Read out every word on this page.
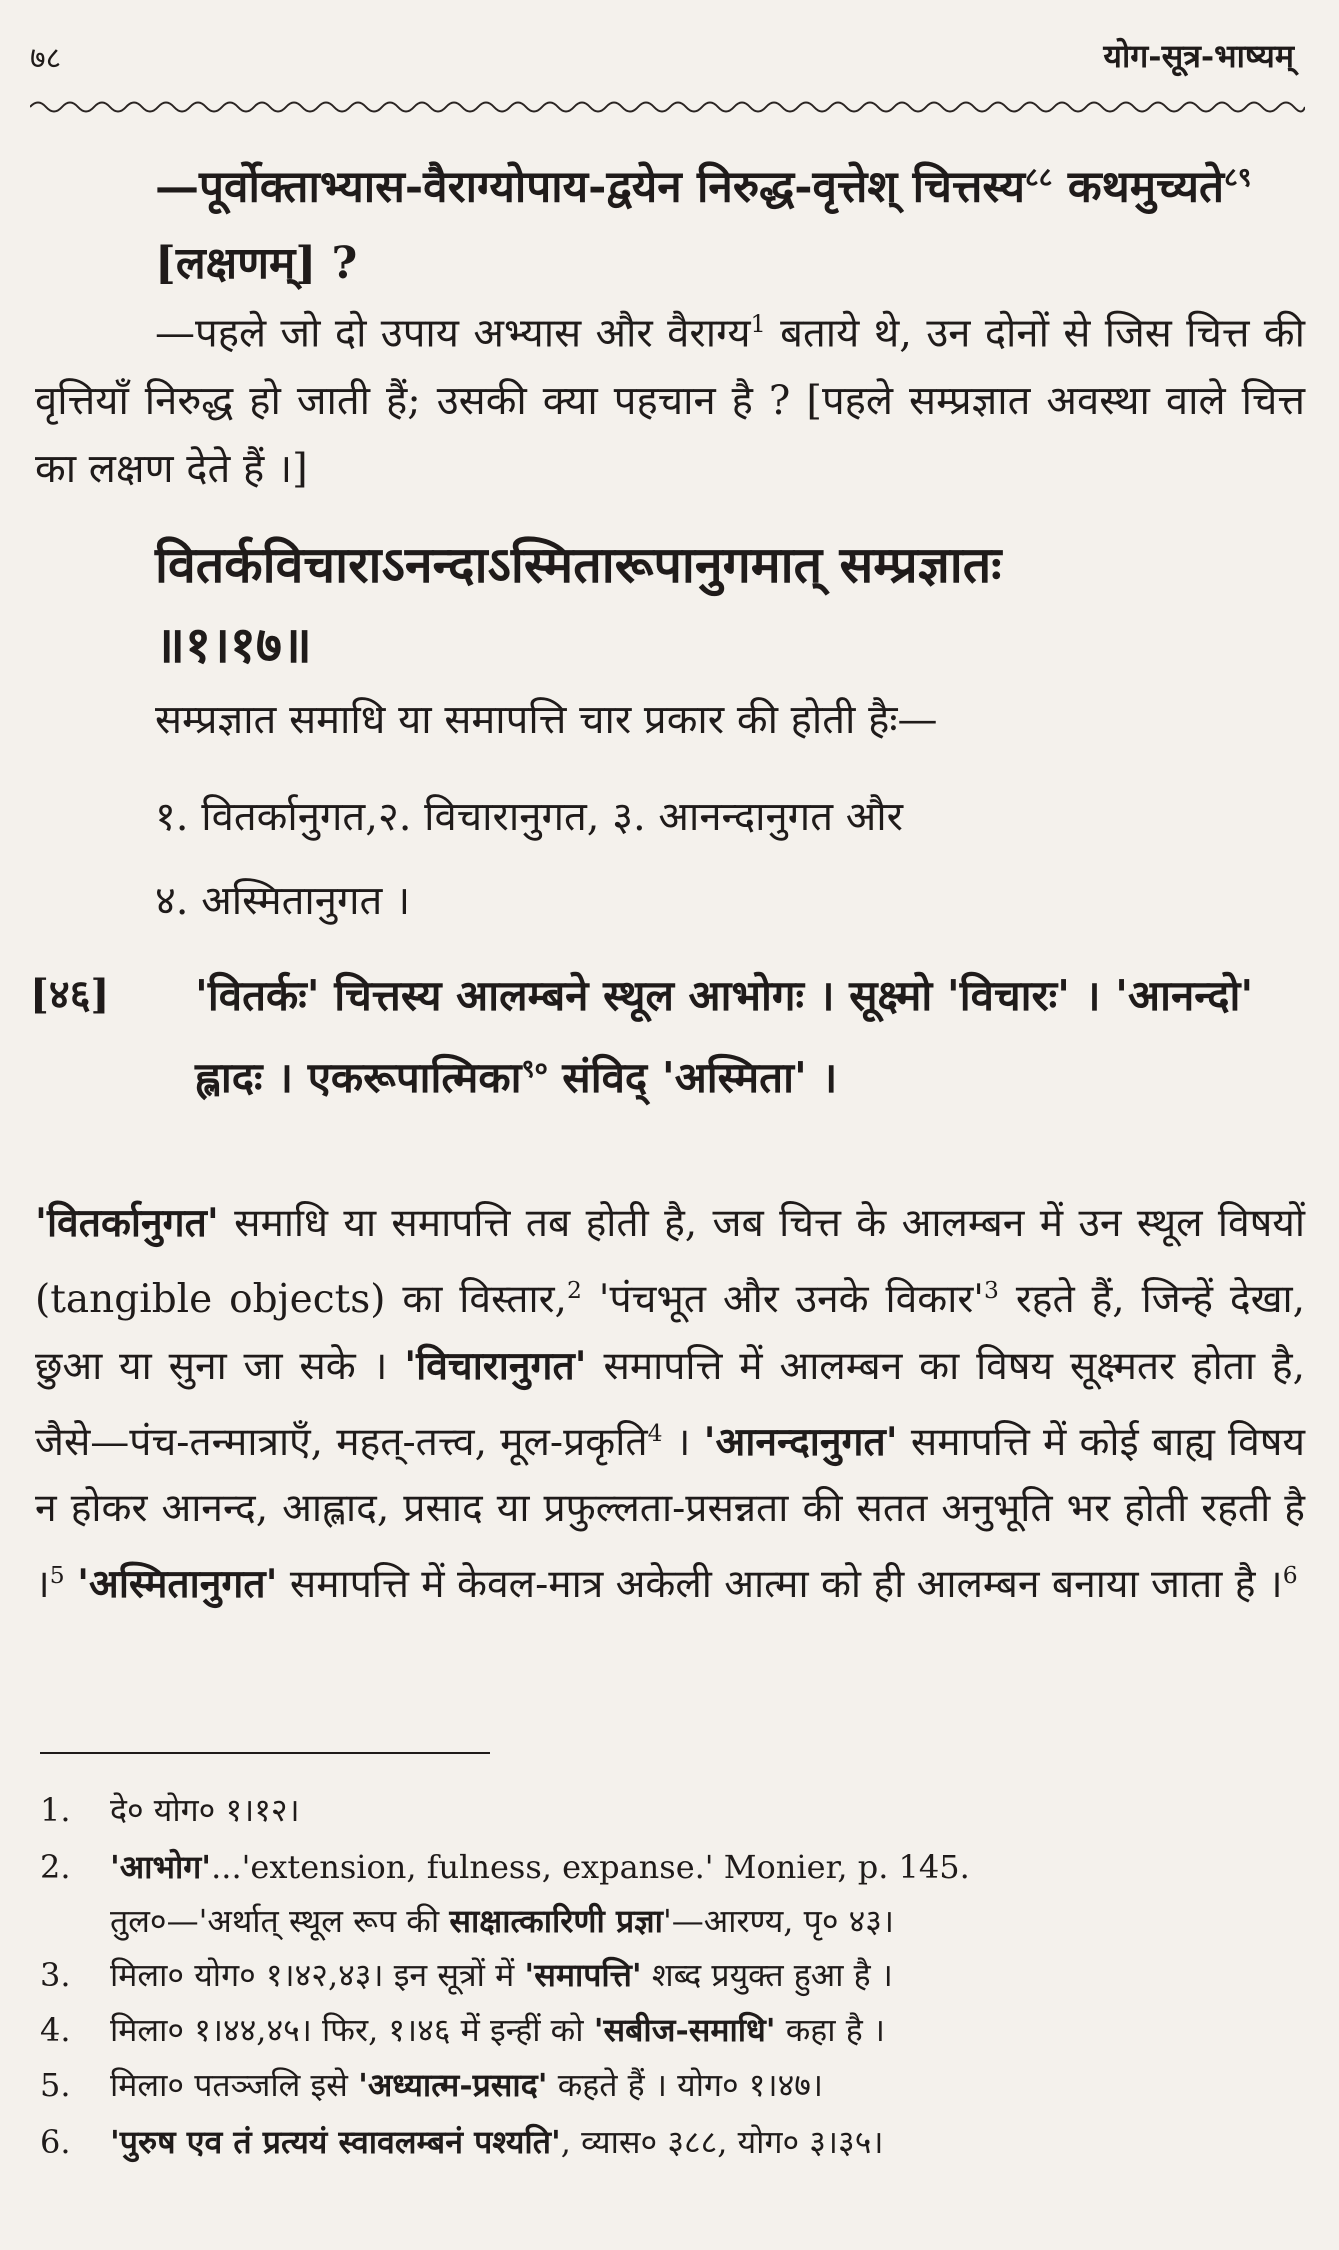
७८	योग-सूत्र-भाष्यम्

—पूर्वोक्ताभ्यास-वैराग्योपाय-द्वयेन निरुद्ध-वृत्तेश् चित्तस्य$^{८८}$ कथमुच्यते$^{८९}$ [लक्षणम्] ?

—पहले जो दो उपाय अभ्यास और वैराग्य$^1$ बताये थे, उन दोनों से जिस चित्त की वृत्तियाँ निरुद्ध हो जाती हैं; उसकी क्या पहचान है ? [पहले सम्प्रज्ञात अवस्था वाले चित्त का लक्षण देते हैं ।]

वितर्कविचाराऽनन्दाऽस्मितारूपानुगमात् सम्प्रज्ञातः
॥१।१७॥
सम्प्रज्ञात समाधि या समापत्ति चार प्रकार की होती हैः—
१. वितर्कानुगत,२. विचारानुगत, ३. आनन्दानुगत और
४. अस्मितानुगत ।
[४६] 'वितर्कः' चित्तस्य आलम्बने स्थूल आभोगः । सूक्ष्मो 'विचारः' । 'आनन्दो' ह्लादः । एकरूपात्मिका$^{९०}$ संविद् 'अस्मिता' ।

'वितर्कानुगत' समाधि या समापत्ति तब होती है, जब चित्त के आलम्बन में उन स्थूल विषयों (tangible objects) का विस्तार,$^2$ 'पंचभूत और उनके $विकार'^3$ रहते हैं, जिन्हें देखा, छुआ या सुना जा सके । 'विचारानुगत' समापत्ति में आलम्बन का विषय सूक्ष्मतर होता है, जैसे—पंच-तन्मात्राएँ, महत्-तत्त्व, मूल-प्रकृति$^4$ । 'आनन्दानुगत' समापत्ति में कोई बाह्य विषय न होकर आनन्द, आह्लाद, प्रसाद या प्रफुल्लता-प्रसन्नता की सतत अनुभूति भर होती रहती है ।$^5$ 'अस्मितानुगत' समापत्ति में केवल-मात्र अकेली आत्मा को ही आलम्बन बनाया जाता है ।$^6$

1. दे० योग० १।१२।
2. 'आभोग'...'extension, fulness, expanse.' Monier, p. 145.
तुल०—'अर्थात् स्थूल रूप की साक्षात्कारिणी प्रज्ञा'—आरण्य, पृ० ४३।
3. मिला० योग० १।४२,४३। इन सूत्रों में 'समापत्ति' शब्द प्रयुक्त हुआ है ।
4. मिला० १।४४,४५। फिर, १।४६ में इन्हीं को 'सबीज-समाधि' कहा है ।
5. मिला० पतञ्जलि इसे 'अध्यात्म-प्रसाद' कहते हैं । योग० १।४७।
6. 'पुरुष एव तं प्रत्ययं स्वावलम्बनं पश्यति', व्यास० ३८८, योग० ३।३५।
